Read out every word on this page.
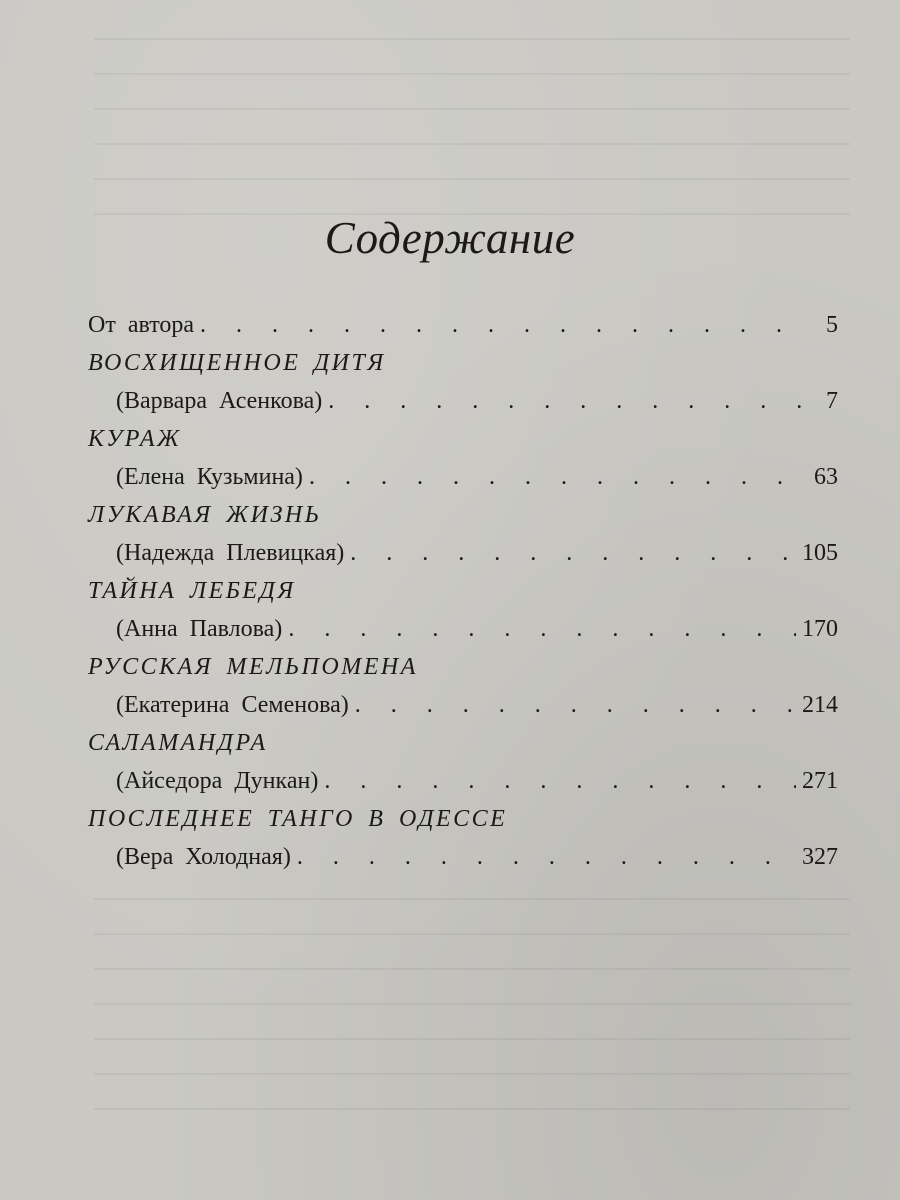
————————————————————————————————————
————————————————————————————————————
————————————————————————————————————
————————————————————————————————————
————————————————————————————————————
————————————————————————————————————
Содержание
От автора . . .	5
ВОСХИЩЕННОЕ ДИТЯ
(Варвара Асенкова) . . .	7
КУРАЖ
(Елена Кузьмина) . . .	63
ЛУКАВАЯ ЖИЗНЬ
(Надежда Плевицкая) . . .	105
ТАЙНА ЛЕБЕДЯ
(Анна Павлова) . . .	170
РУССКАЯ МЕЛЬПОМЕНА
(Екатерина Семенова) . . .	214
САЛАМАНДРА
(Айседора Дункан) . . .	271
ПОСЛЕДНЕЕ ТАНГО В ОДЕССЕ
(Вера Холодная) . . .	327
————————————————————————————————————
————————————————————————————————————
————————————————————————————————————
————————————————————————————————————
————————————————————————————————————
————————————————————————————————————
————————————————————————————————————
